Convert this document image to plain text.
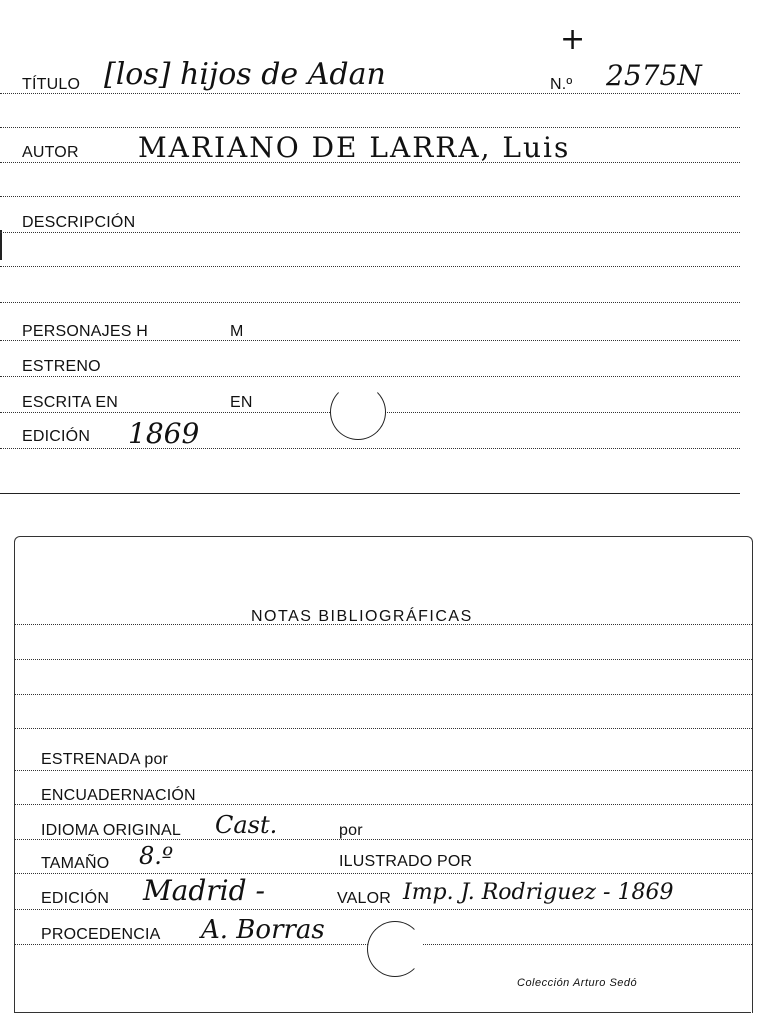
+
TÍTULO [los] hijos de Adan	N.º 2575N
AUTOR MARIANO DE LARRA, Luis
DESCRIPCIÓN
PERSONAJES H	M
ESTRENO
ESCRITA EN	EN
EDICIÓN 1869
NOTAS BIBLIOGRÁFICAS
ESTRENADA por
ENCUADERNACIÓN
IDIOMA ORIGINAL Cast.	por
TAMAÑO 8.º	ILUSTRADO POR
EDICIÓN Madrid -	VALOR Imp. J. Rodriguez - 1869
PROCEDENCIA A. Borras
Colección Arturo Sedó
